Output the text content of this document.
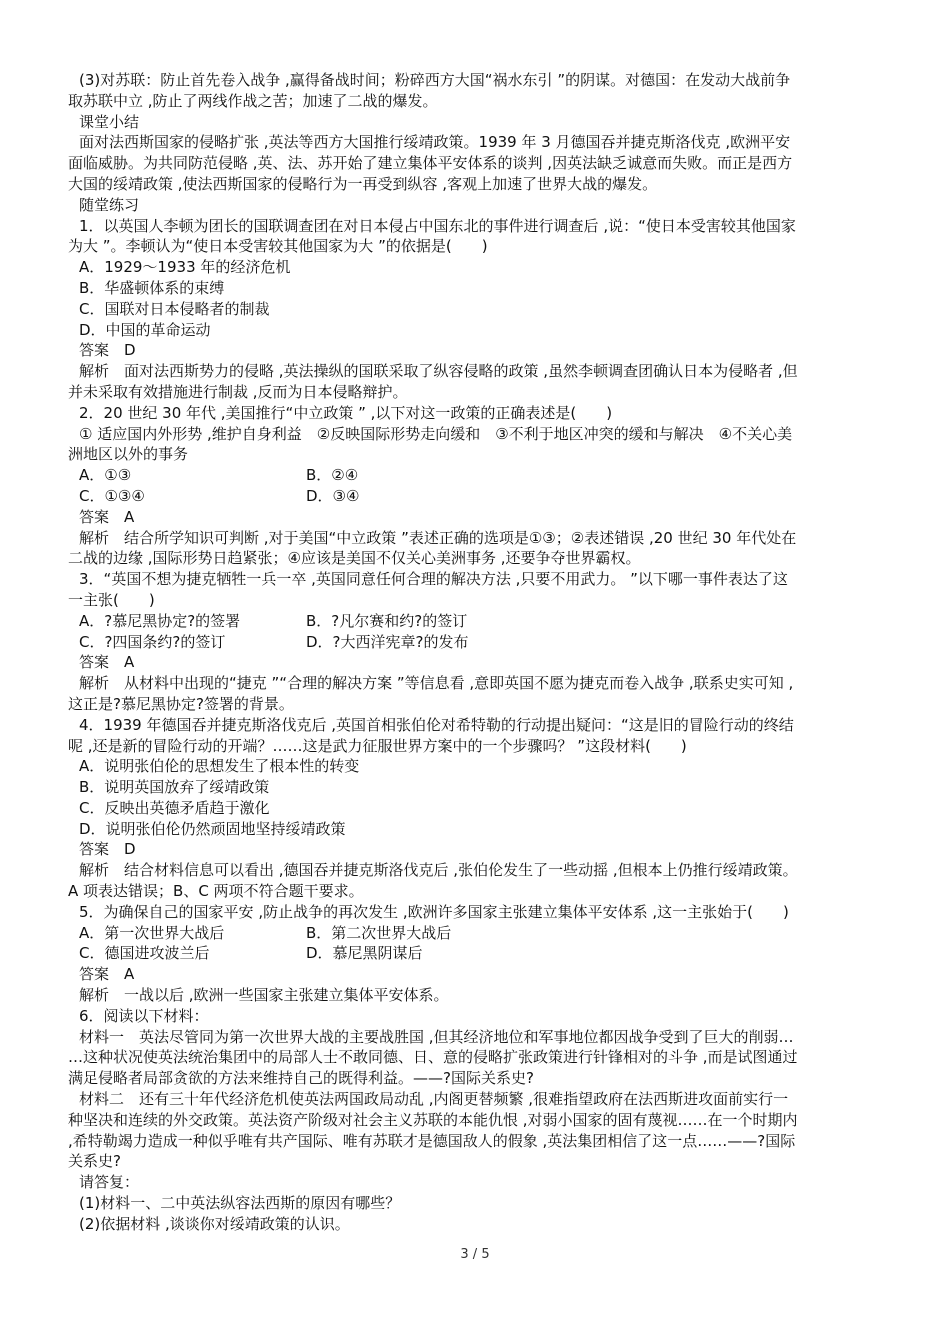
(3)对苏联：防止首先卷入战争 ,赢得备战时间；粉碎西方大国“祸水东引 ”的阴谋。对德国：在发动大战前争

取苏联中立 ,防止了两线作战之苦；加速了二战的爆发。

课堂小结

面对法西斯国家的侵略扩张 ,英法等西方大国推行绥靖政策。1939 年 3 月德国吞并捷克斯洛伐克 ,欧洲平安

面临威胁。为共同防范侵略 ,英、法、苏开始了建立集体平安体系的谈判 ,因英法缺乏诚意而失败。而正是西方

大国的绥靖政策 ,使法西斯国家的侵略行为一再受到纵容 ,客观上加速了世界大战的爆发。

随堂练习

1．以英国人李顿为团长的国联调查团在对日本侵占中国东北的事件进行调查后 ,说：“使日本受害较其他国家

为大 ”。李顿认为“使日本受害较其他国家为大 ”的依据是(　　)

A．1929～1933 年的经济危机

B．华盛顿体系的束缚

C．国联对日本侵略者的制裁

D．中国的革命运动

答案　D

解析　面对法西斯势力的侵略 ,英法操纵的国联采取了纵容侵略的政策 ,虽然李顿调查团确认日本为侵略者 ,但

并未采取有效措施进行制裁 ,反而为日本侵略辩护。

2．20 世纪 30 年代 ,美国推行“中立政策 ” ,以下对这一政策的正确表述是(　　)

① 适应国内外形势 ,维护自身利益　②反映国际形势走向缓和　③不利于地区冲突的缓和与解决　④不关心美

洲地区以外的事务

A．①③	B．②④
C．①③④	D．③④

答案　A

解析　结合所学知识可判断 ,对于美国“中立政策 ”表述正确的选项是①③；②表述错误 ,20 世纪 30 年代处在

二战的边缘 ,国际形势日趋紧张；④应该是美国不仅关心美洲事务 ,还要争夺世界霸权。

3．“英国不想为捷克牺牲一兵一卒 ,英国同意任何合理的解决方法 ,只要不用武力。 ”以下哪一事件表达了这

一主张(　　)

A．?慕尼黑协定?的签署	B．?凡尔赛和约?的签订
C．?四国条约?的签订	D．?大西洋宪章?的发布

答案　A

解析　从材料中出现的“捷克 ”“合理的解决方案 ”等信息看 ,意即英国不愿为捷克而卷入战争 ,联系史实可知 ,

这正是?慕尼黑协定?签署的背景。

4．1939 年德国吞并捷克斯洛伐克后 ,英国首相张伯伦对希特勒的行动提出疑问：“这是旧的冒险行动的终结

呢 ,还是新的冒险行动的开端？……这是武力征服世界方案中的一个步骤吗？ ”这段材料(　　)

A．说明张伯伦的思想发生了根本性的转变

B．说明英国放弃了绥靖政策

C．反映出英德矛盾趋于激化

D．说明张伯伦仍然顽固地坚持绥靖政策

答案　D

解析　结合材料信息可以看出 ,德国吞并捷克斯洛伐克后 ,张伯伦发生了一些动摇 ,但根本上仍推行绥靖政策。

A 项表达错误；B、C 两项不符合题干要求。

5．为确保自己的国家平安 ,防止战争的再次发生 ,欧洲许多国家主张建立集体平安体系 ,这一主张始于(　　)

A．第一次世界大战后	B．第二次世界大战后
C．德国进攻波兰后	D．慕尼黑阴谋后

答案　A

解析　一战以后 ,欧洲一些国家主张建立集体平安体系。

6．阅读以下材料：

材料一　英法尽管同为第一次世界大战的主要战胜国 ,但其经济地位和军事地位都因战争受到了巨大的削弱…

…这种状况使英法统治集团中的局部人士不敢同德、日、意的侵略扩张政策进行针锋相对的斗争 ,而是试图通过

满足侵略者局部贪欲的方法来维持自己的既得利益。——?国际关系史?

材料二　还有三十年代经济危机使英法两国政局动乱 ,内阁更替频繁 ,很难指望政府在法西斯进攻面前实行一

种坚决和连续的外交政策。英法资产阶级对社会主义苏联的本能仇恨 ,对弱小国家的固有蔑视……在一个时期内

,希特勒竭力造成一种似乎唯有共产国际、唯有苏联才是德国敌人的假象 ,英法集团相信了这一点……——?国际

关系史?

请答复：

(1)材料一、二中英法纵容法西斯的原因有哪些？

(2)依据材料 ,谈谈你对绥靖政策的认识。

3 / 5
